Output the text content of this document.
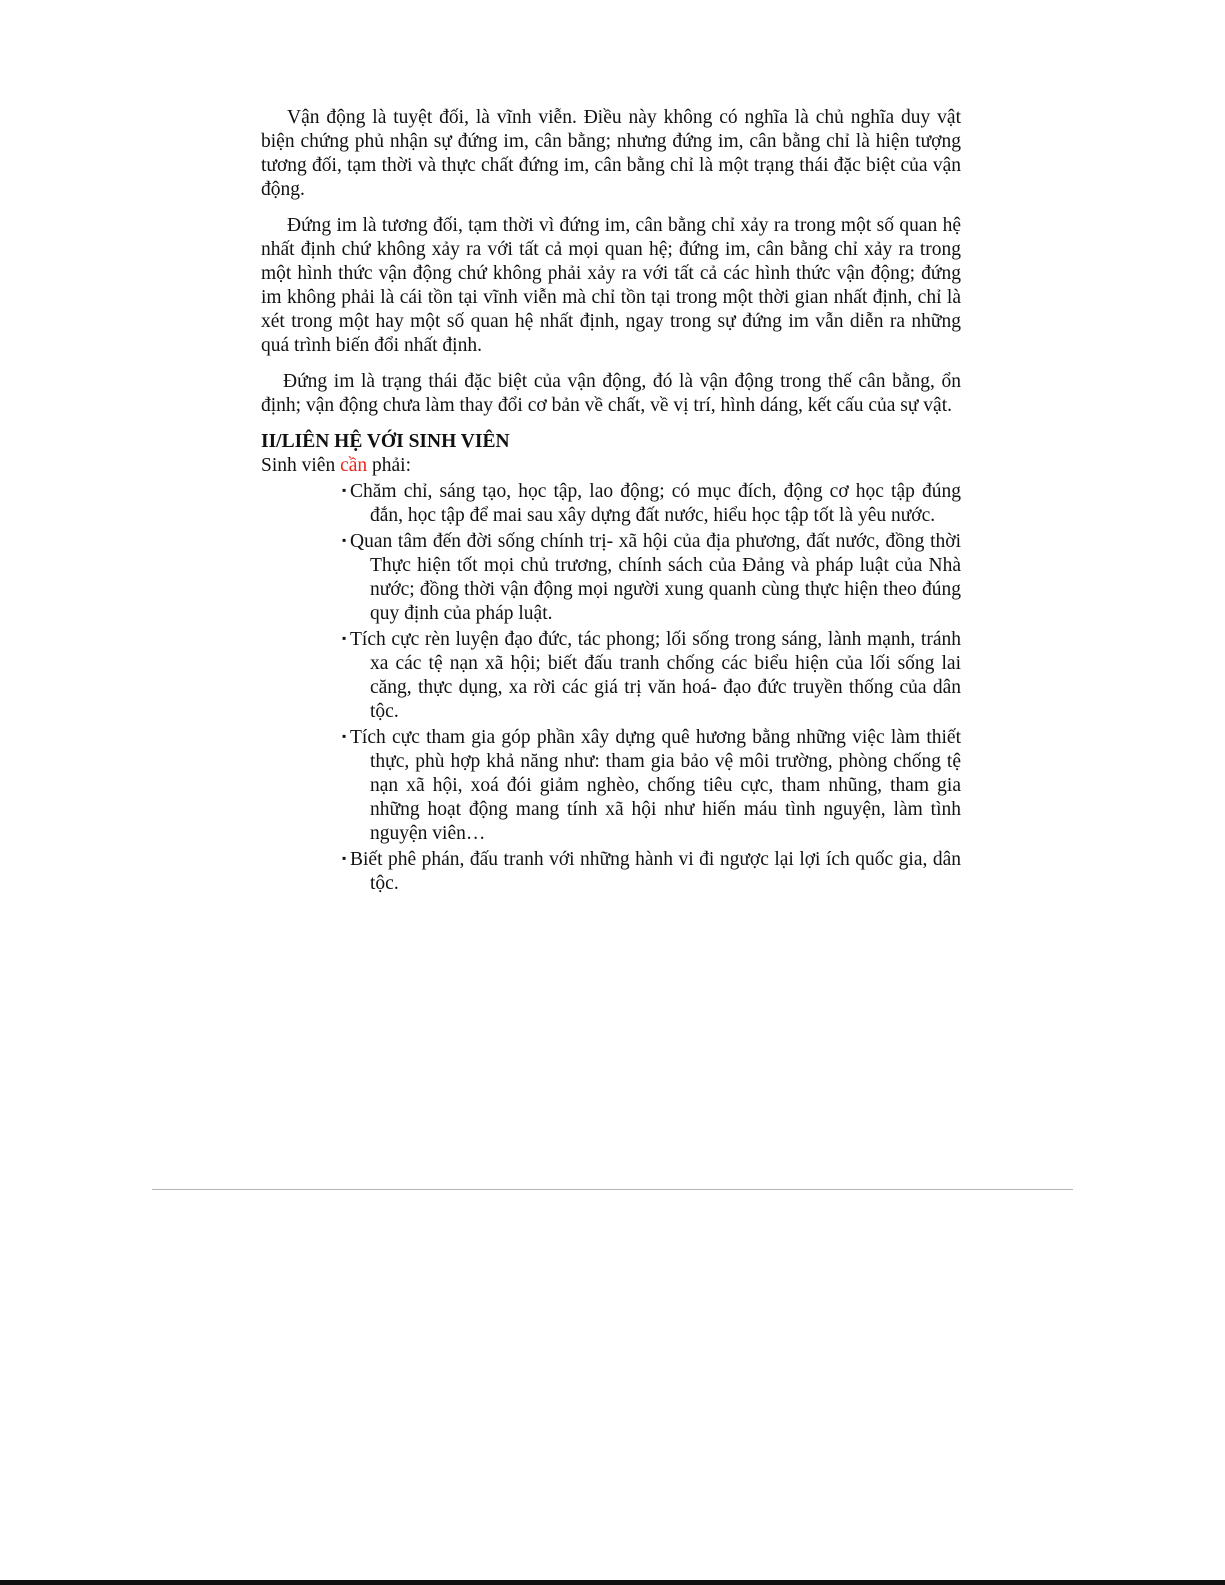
Vận động là tuyệt đối, là vĩnh viễn. Điều này không có nghĩa là chủ nghĩa duy vật biện chứng phủ nhận sự đứng im, cân bằng; nhưng đứng im, cân bằng chỉ là hiện tượng tương đối, tạm thời và thực chất đứng im, cân bằng chỉ là một trạng thái đặc biệt của vận động.

Đứng im là tương đối, tạm thời vì đứng im, cân bằng chỉ xảy ra trong một số quan hệ nhất định chứ không xảy ra với tất cả mọi quan hệ; đứng im, cân bằng chỉ xảy ra trong một hình thức vận động chứ không phải xảy ra với tất cả các hình thức vận động; đứng im không phải là cái tồn tại vĩnh viễn mà chỉ tồn tại trong một thời gian nhất định, chỉ là xét trong một hay một số quan hệ nhất định, ngay trong sự đứng im vẫn diễn ra những quá trình biến đổi nhất định.

Đứng im là trạng thái đặc biệt của vận động, đó là vận động trong thế cân bằng, ổn định; vận động chưa làm thay đổi cơ bản về chất, về vị trí, hình dáng, kết cấu của sự vật.

II/LIÊN HỆ VỚI SINH VIÊN

Sinh viên cần phải:

▪ Chăm chỉ, sáng tạo, học tập, lao động; có mục đích, động cơ học tập đúng đắn, học tập để mai sau xây dựng đất nước, hiểu học tập tốt là yêu nước.
▪ Quan tâm đến đời sống chính trị- xã hội của địa phương, đất nước, đồng thời Thực hiện tốt mọi chủ trương, chính sách của Đảng và pháp luật của Nhà nước; đồng thời vận động mọi người xung quanh cùng thực hiện theo đúng quy định của pháp luật.
▪ Tích cực rèn luyện đạo đức, tác phong; lối sống trong sáng, lành mạnh, tránh xa các tệ nạn xã hội; biết đấu tranh chống các biểu hiện của lối sống lai căng, thực dụng, xa rời các giá trị văn hoá- đạo đức truyền thống của dân tộc.
▪ Tích cực tham gia góp phần xây dựng quê hương bằng những việc làm thiết thực, phù hợp khả năng như: tham gia bảo vệ môi trường, phòng chống tệ nạn xã hội, xoá đói giảm nghèo, chống tiêu cực, tham nhũng, tham gia những hoạt động mang tính xã hội như hiến máu tình nguyện, làm tình nguyện viên…
▪ Biết phê phán, đấu tranh với những hành vi đi ngược lại lợi ích quốc gia, dân tộc.
